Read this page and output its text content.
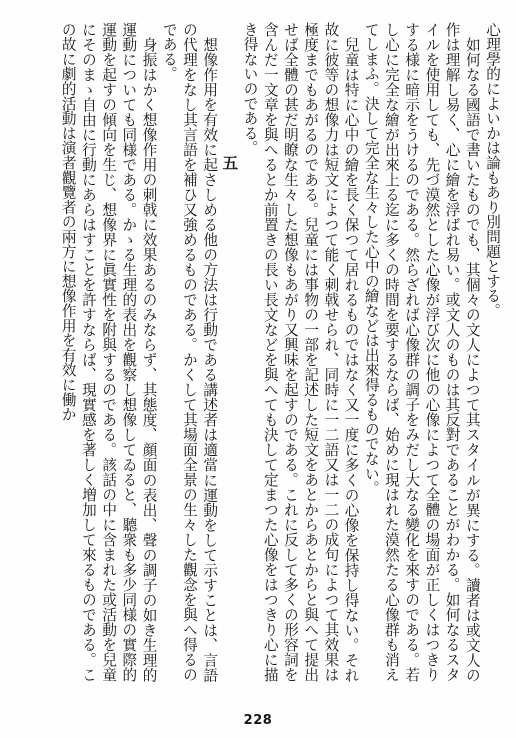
心理學的によいかは論もあり別問題とする。

如何なる國語で書いたものでも、其個々の文人によつて其スタイルが異にする。讀者は或文人の作は理解し易く、心に繪を浮ばれ易い。或文人のものは其反對であることがわかる。如何なるスタイルを使用しても、先づ漠然とした心像が浮び次に他の心像によつて全體の場面が正しくはつきりする様に暗示をうけるのである。然らざれば心像群の調子をみだし大なる變化を來すのである。若し心に完全な繪が出來上る迄に多くの時間を要するならば、始めに現はれた漠然たる心像群も消えてしまふ。決して完全な生々した心中の繪などは出來得るものでない。

兒童は特に心中の繪を長く保つて居れるものではなく又一度に多くの心像を保持し得ない。それ故に彼等の想像力は短文によつて能く刺戟せられ、同時に一二語又は一二の成句によつて其效果は極度までもあがるのである。兒童には事物の一部を記述した短文をあとからあとからと與へて提出せば全體の甚だ明瞭な生々した想像もあがり又興味を起すのである。これに反して多くの形容詞を含んだ一文章を與へるとか前置きの長い長文などを與へても決して定まつた心像をはつきり心に描き得ないのである。

五

想像作用を有效に起さしめる他の方法は行動である講述者は適當に運動をして示すことは、言語の代理をなし其言語を補ひ又強めるものである。かくして其場面全景の生々した觀念を與へ得るのである。

身振はかく想像作用の刺戟に效果あるのみならず、其態度、顔面の表出、聲の調子の如き生理的運動についても同様である。かゝる生理的表出を觀察し想像してゐると、聽衆も多少同様の實際的運動を起すの傾向を生じ、想像界に眞實性を附與するのである。該話の中に含まれた或活動を兒童にそのまゝ自由に行動にあらはすことを許すならば、現實感を著しく増加して來るものである。この故に劇的活動は演者觀覽者の兩方に想像作用を有效に働か

228
